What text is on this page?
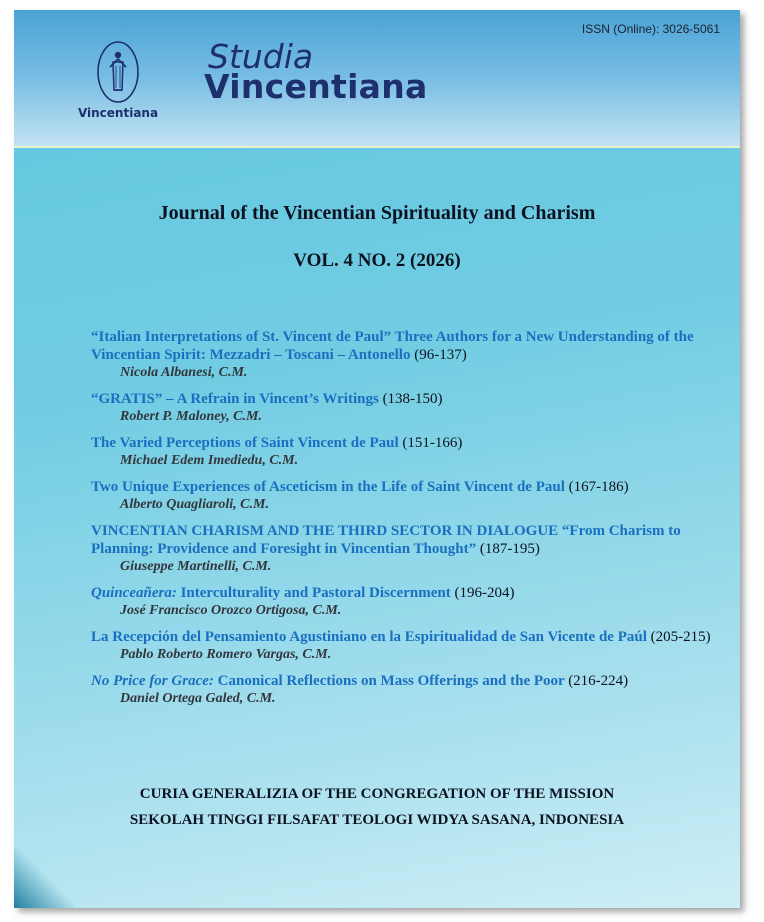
ISSN (Online): 3026-5061
Vincentiana
Studia
Vincentiana
Journal of the Vincentian Spirituality and Charism
VOL. 4 NO. 2 (2026)
“Italian Interpretations of St. Vincent de Paul” Three Authors for a New Understanding of the Vincentian Spirit: Mezzadri – Toscani – Antonello (96-137)
Nicola Albanesi, C.M.
“GRATIS” – A Refrain in Vincent’s Writings (138-150)
Robert P. Maloney, C.M.
The Varied Perceptions of Saint Vincent de Paul (151-166)
Michael Edem Imediedu, C.M.
Two Unique Experiences of Asceticism in the Life of Saint Vincent de Paul (167-186)
Alberto Quagliaroli, C.M.
VINCENTIAN CHARISM AND THE THIRD SECTOR IN DIALOGUE “From Charism to Planning: Providence and Foresight in Vincentian Thought” (187-195)
Giuseppe Martinelli, C.M.
Quinceañera: Interculturality and Pastoral Discernment (196-204)
José Francisco Orozco Ortigosa, C.M.
La Recepción del Pensamiento Agustiniano en la Espiritualidad de San Vicente de Paúl (205-215)
Pablo Roberto Romero Vargas, C.M.
No Price for Grace: Canonical Reflections on Mass Offerings and the Poor (216-224)
Daniel Ortega Galed, C.M.
CURIA GENERALIZIA OF THE CONGREGATION OF THE MISSION
SEKOLAH TINGGI FILSAFAT TEOLOGI WIDYA SASANA, INDONESIA
